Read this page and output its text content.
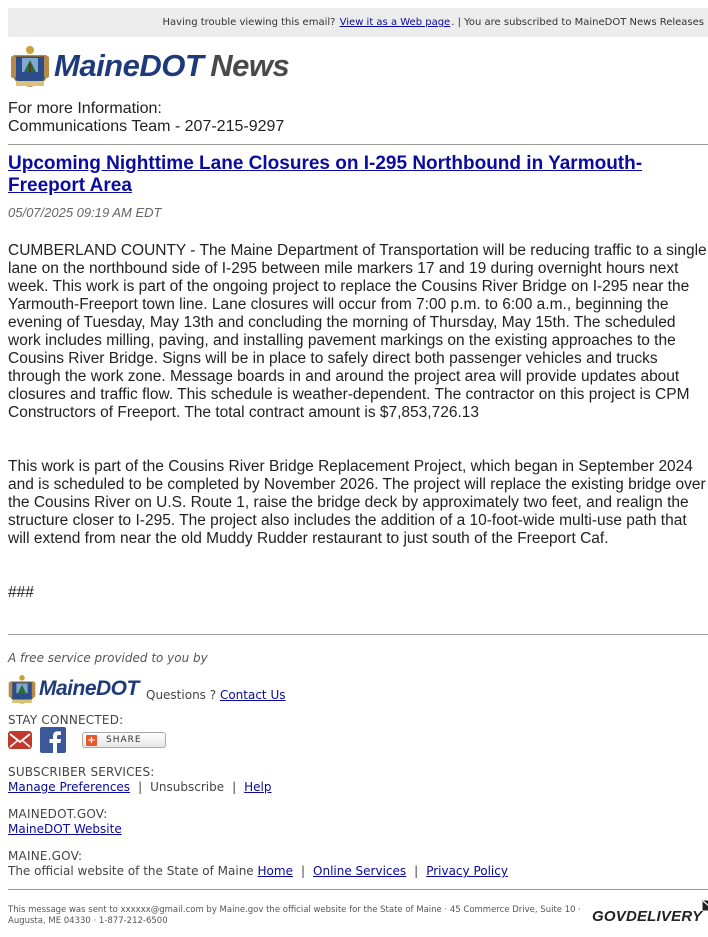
Having trouble viewing this email?
View it as a Web page . | You are subscribed to MaineDOT News Releases
MaineDOT News
For more Information:
Communications Team - 207-215-9297
Upcoming Nighttime Lane Closures on I-295 Northbound in Yarmouth-Freeport Area
05/07/2025 09:19 AM EDT
CUMBERLAND COUNTY - The Maine Department of Transportation will be reducing traffic to a single lane on the northbound side of I-295 between mile markers 17 and 19 during overnight hours next week. This work is part of the ongoing project to replace the Cousins River Bridge on I-295 near the Yarmouth-Freeport town line. Lane closures will occur from 7:00 p.m. to 6:00 a.m., beginning the evening of Tuesday, May 13th and concluding the morning of Thursday, May 15th. The scheduled work includes milling, paving, and installing pavement markings on the existing approaches to the Cousins River Bridge. Signs will be in place to safely direct both passenger vehicles and trucks through the work zone. Message boards in and around the project area will provide updates about closures and traffic flow. This schedule is weather-dependent. The contractor on this project is CPM Constructors of Freeport. The total contract amount is $7,853,726.13
This work is part of the Cousins River Bridge Replacement Project, which began in September 2024 and is scheduled to be completed by November 2026. The project will replace the existing bridge over the Cousins River on U.S. Route 1, raise the bridge deck by approximately two feet, and realign the structure closer to I-295. The project also includes the addition of a 10-foot-wide multi-use path that will extend from near the old Muddy Rudder restaurant to just south of the Freeport Caf.
###
A free service provided to you by
MaineDOT Questions ? Contact Us
STAY CONNECTED:
+ SHARE
SUBSCRIBER SERVICES:
Manage Preferences | Unsubscribe | Help
MAINEDOT.GOV:
MaineDOT Website
MAINE.GOV:
The official website of the State of Maine Home | Online Services | Privacy Policy
This message was sent to xxxxxx@gmail.com by Maine.gov the official website for the State of Maine · 45 Commerce Drive, Suite 10 · Augusta, ME 04330 · 1-877-212-6500	GOVDELIVERY
